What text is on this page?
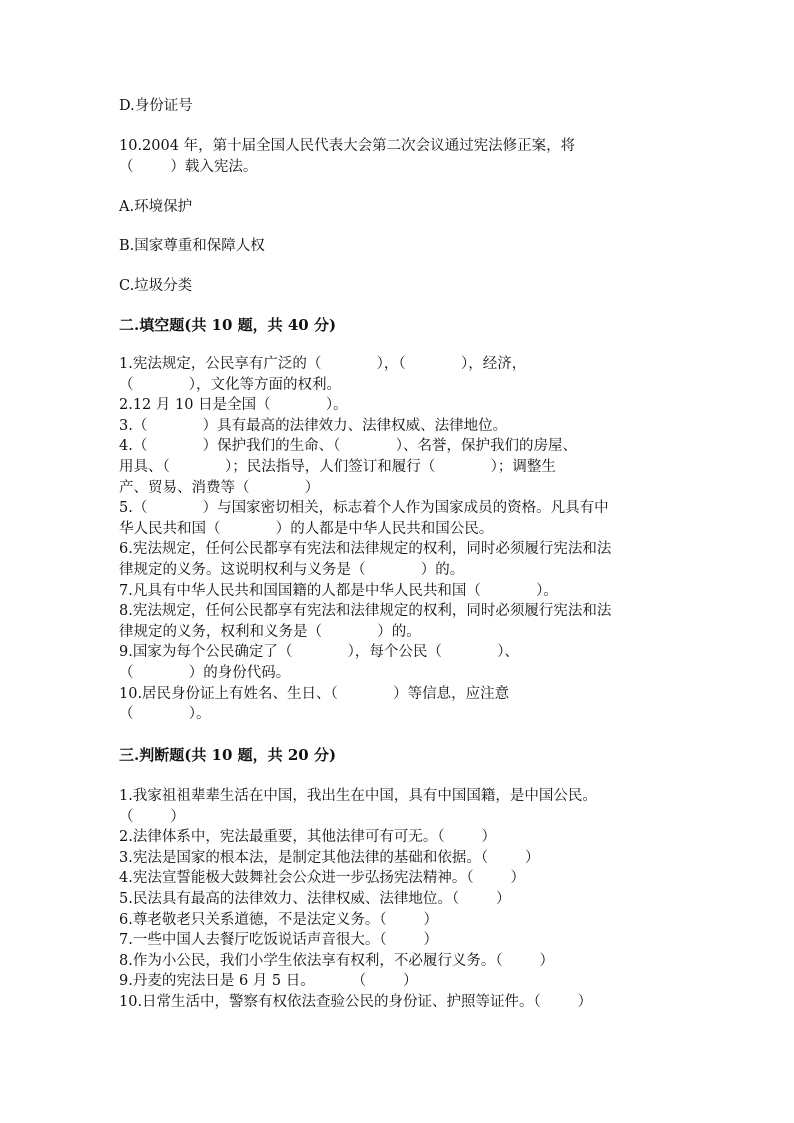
D.身份证号
10.2004 年，第十届全国人民代表大会第二次会议通过宪法修正案，将
（        ）载入宪法。
A.环境保护
B.国家尊重和保障人权
C.垃圾分类
二.填空题(共 10 题，共 40 分)
1.宪法规定，公民享有广泛的（            ），（            ），经济，
（            ），文化等方面的权利。
2.12 月 10 日是全国（            ）。
3.（            ）具有最高的法律效力、法律权威、法律地位。
4.（            ）保护我们的生命、（            ）、名誉，保护我们的房屋、
用具、（            ）；民法指导，人们签订和履行（            ）；调整生
产、贸易、消费等（            ）
5.（            ）与国家密切相关，标志着个人作为国家成员的资格。凡具有中
华人民共和国（            ）的人都是中华人民共和国公民。
6.宪法规定，任何公民都享有宪法和法律规定的权利，同时必须履行宪法和法
律规定的义务。这说明权利与义务是（            ）的。
7.凡具有中华人民共和国国籍的人都是中华人民共和国（            ）。
8.宪法规定，任何公民都享有宪法和法律规定的权利，同时必须履行宪法和法
律规定的义务，权利和义务是（            ）的。
9.国家为每个公民确定了（            ），每个公民（            ）、
（            ）的身份代码。
10.居民身份证上有姓名、生日、（            ）等信息，应注意
（            ）。
三.判断题(共 10 题，共 20 分)
1.我家祖祖辈辈生活在中国，我出生在中国，具有中国国籍，是中国公民。
（        ）
2.法律体系中，宪法最重要，其他法律可有可无。（        ）
3.宪法是国家的根本法，是制定其他法律的基础和依据。（        ）
4.宪法宣誓能极大鼓舞社会公众进一步弘扬宪法精神。（        ）
5.民法具有最高的法律效力、法律权威、法律地位。（        ）
6.尊老敬老只关系道德，不是法定义务。（        ）
7.一些中国人去餐厅吃饭说话声音很大。（        ）
8.作为小公民，我们小学生依法享有权利，不必履行义务。（        ）
9.丹麦的宪法日是 6 月 5 日。        （        ）
10.日常生活中，警察有权依法查验公民的身份证、护照等证件。（        ）
